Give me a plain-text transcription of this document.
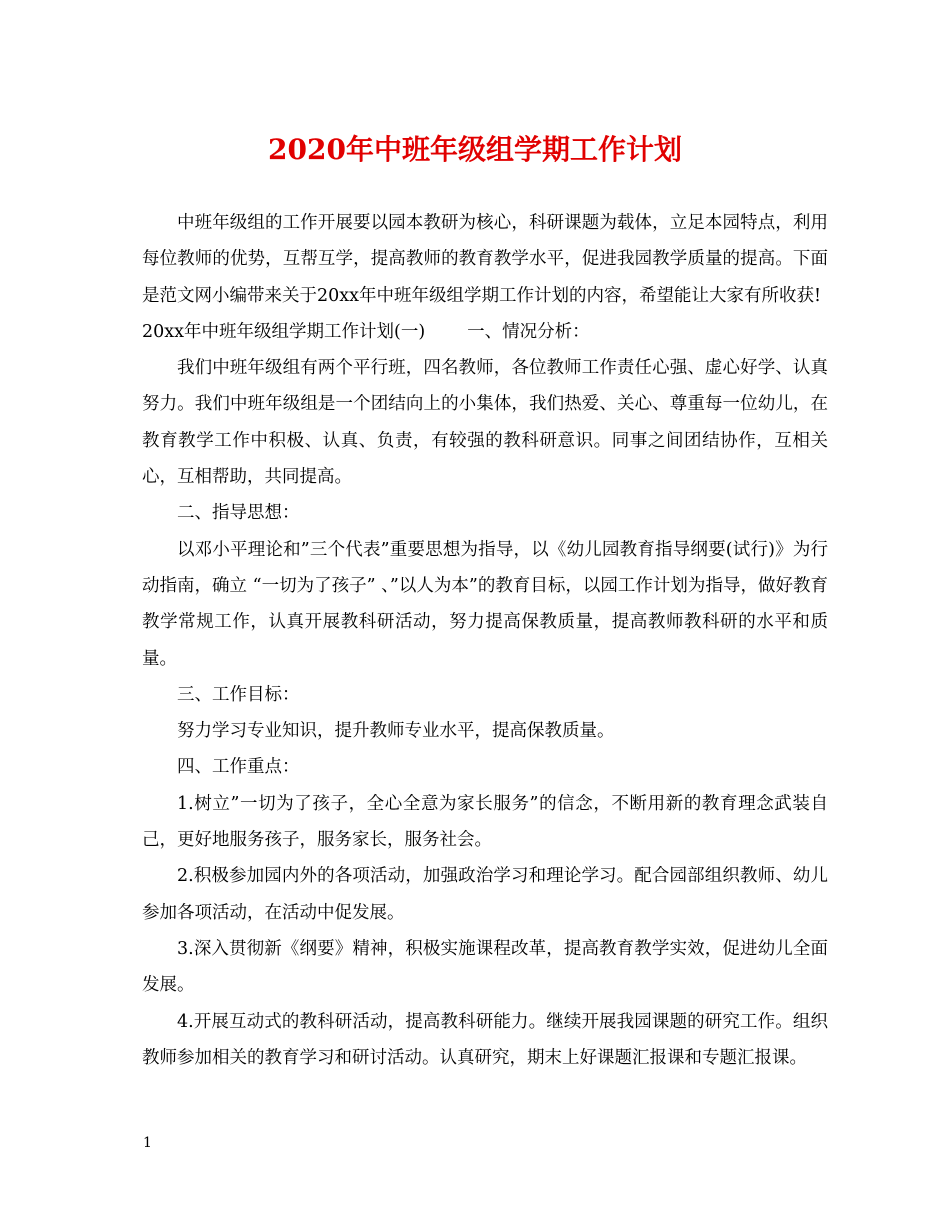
2020年中班年级组学期工作计划

中班年级组的工作开展要以园本教研为核心，科研课题为载体，立足本园特点，利用每位教师的优势，互帮互学，提高教师的教育教学水平，促进我园教学质量的提高。下面是范文网小编带来关于20xx年中班年级组学期工作计划的内容，希望能让大家有所收获!

20xx年中班年级组学期工作计划(一) 一、情况分析：

我们中班年级组有两个平行班，四名教师，各位教师工作责任心强、虚心好学、认真努力。我们中班年级组是一个团结向上的小集体，我们热爱、关心、尊重每一位幼儿，在教育教学工作中积极、认真、负责，有较强的教科研意识。同事之间团结协作，互相关心，互相帮助，共同提高。

二、指导思想：

以邓小平理论和”三个代表”重要思想为指导，以《幼儿园教育指导纲要(试行)》为行动指南，确立 “一切为了孩子” 、”以人为本”的教育目标，以园工作计划为指导，做好教育教学常规工作，认真开展教科研活动，努力提高保教质量，提高教师教科研的水平和质量。

三、工作目标：

努力学习专业知识，提升教师专业水平，提高保教质量。

四、工作重点：

1.树立”一切为了孩子，全心全意为家长服务”的信念，不断用新的教育理念武装自己，更好地服务孩子，服务家长，服务社会。

2.积极参加园内外的各项活动，加强政治学习和理论学习。配合园部组织教师、幼儿参加各项活动，在活动中促发展。

3.深入贯彻新《纲要》精神，积极实施课程改革，提高教育教学实效，促进幼儿全面发展。

4.开展互动式的教科研活动，提高教科研能力。继续开展我园课题的研究工作。组织教师参加相关的教育学习和研讨活动。认真研究，期末上好课题汇报课和专题汇报课。

1
